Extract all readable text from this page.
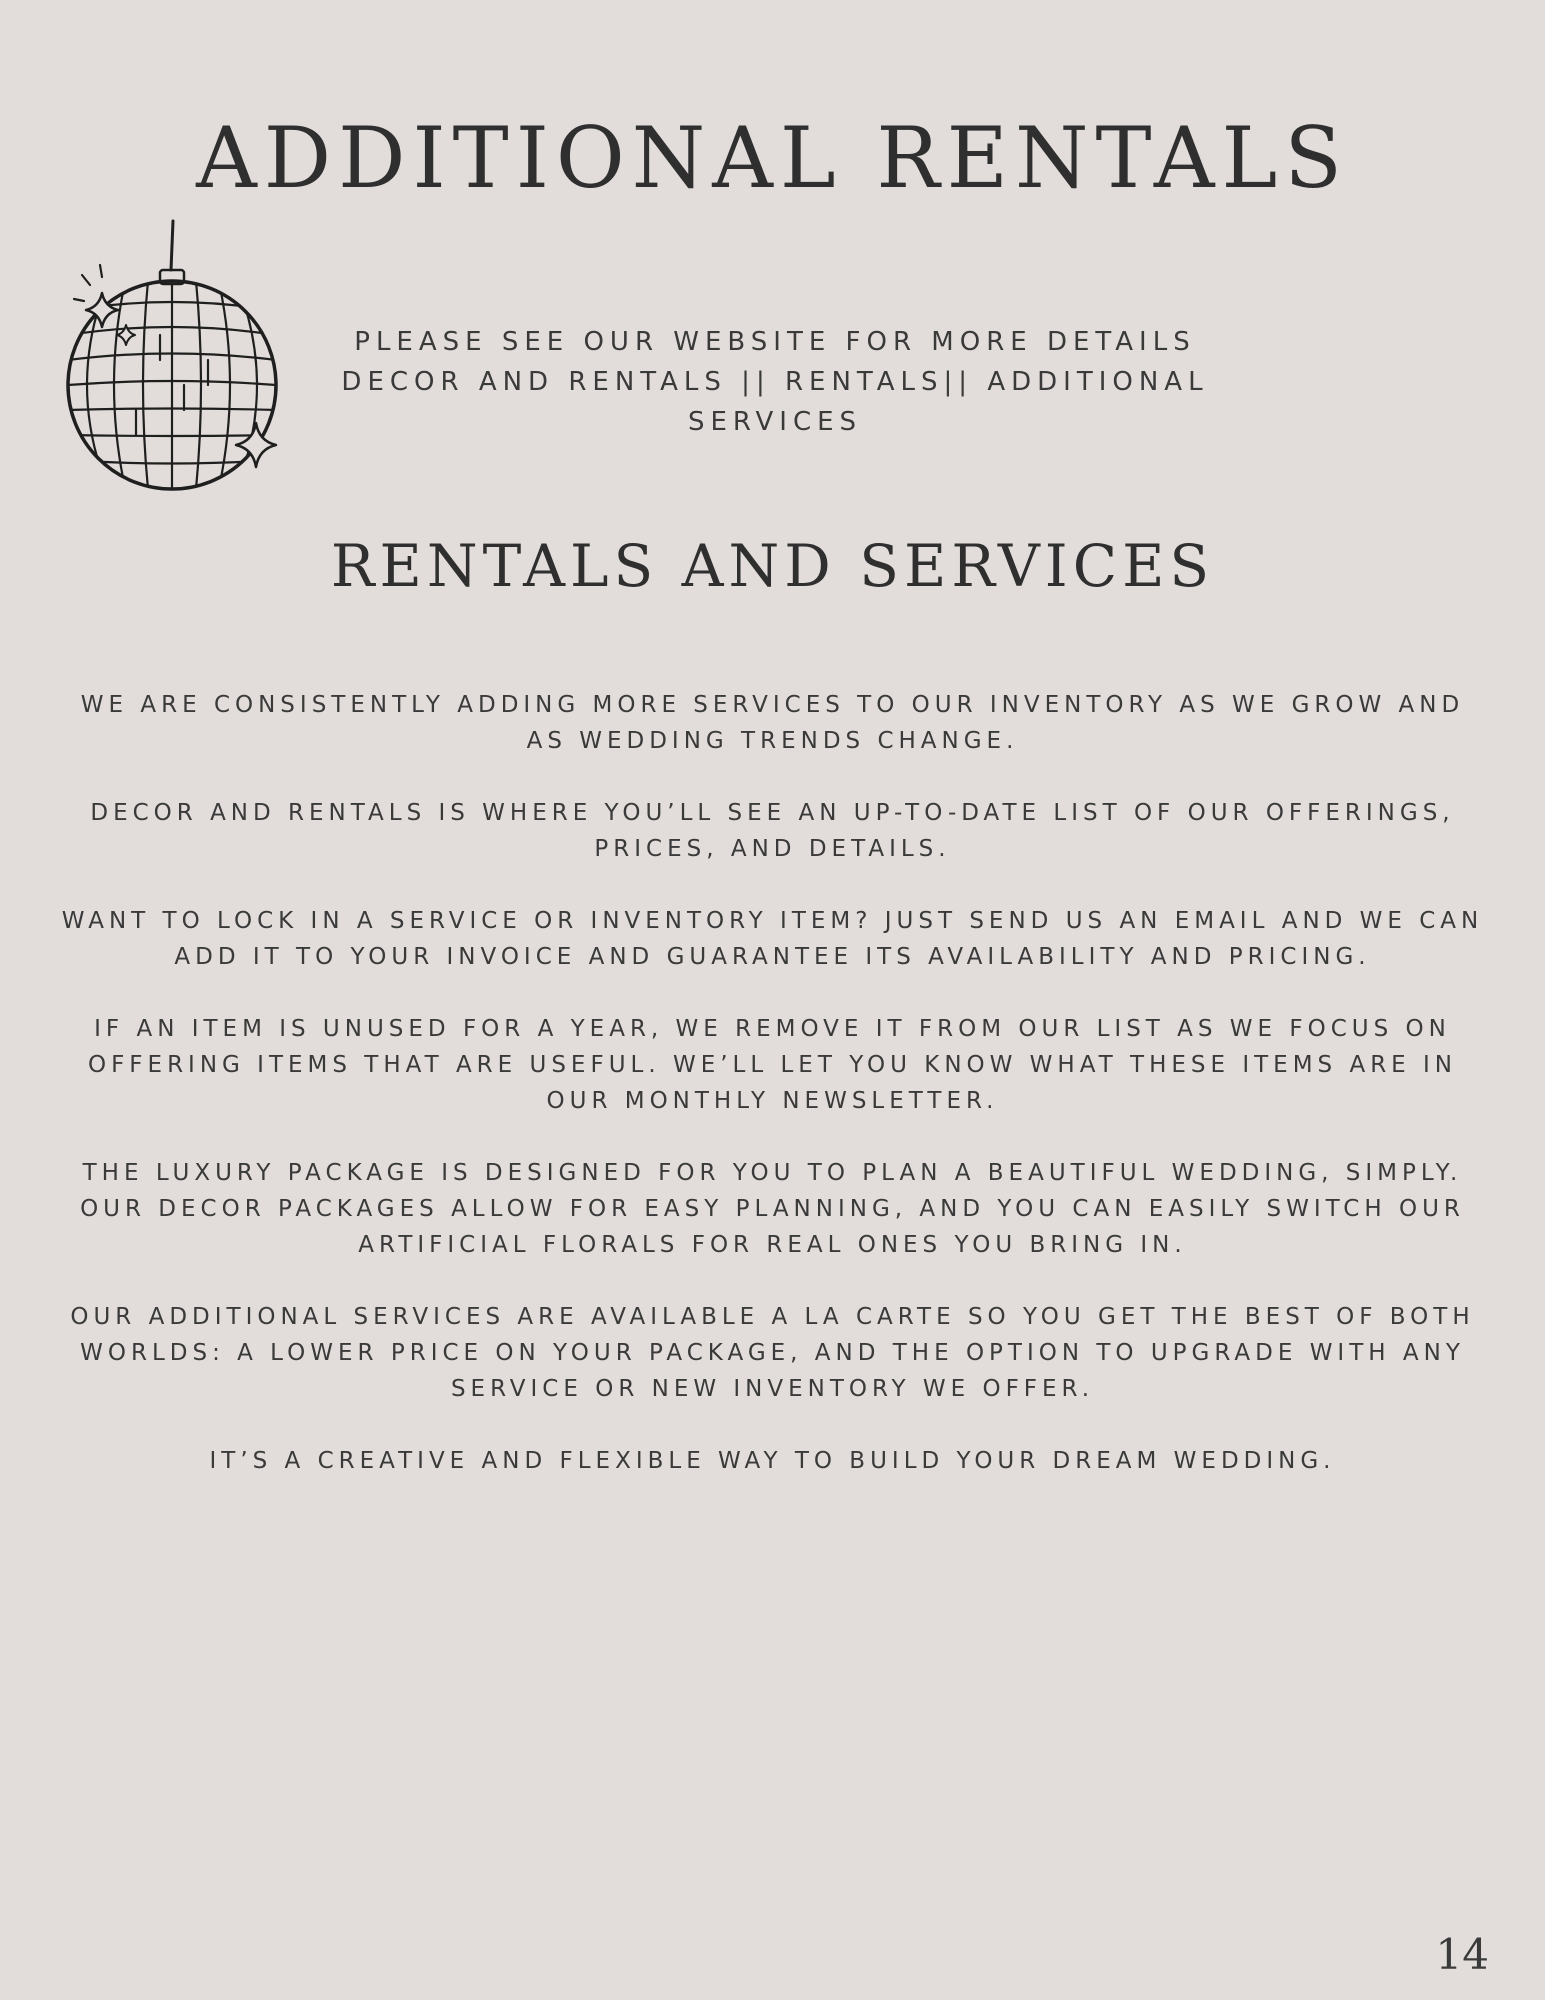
ADDITIONAL RENTALS
PLEASE SEE OUR WEBSITE FOR MORE DETAILS
DECOR AND RENTALS || RENTALS|| ADDITIONAL
SERVICES
RENTALS AND SERVICES

WE ARE CONSISTENTLY ADDING MORE SERVICES TO OUR INVENTORY AS WE GROW AND AS WEDDING TRENDS CHANGE.

DECOR AND RENTALS IS WHERE YOU’LL SEE AN UP-TO-DATE LIST OF OUR OFFERINGS, PRICES, AND DETAILS.

WANT TO LOCK IN A SERVICE OR INVENTORY ITEM? JUST SEND US AN EMAIL AND WE CAN ADD IT TO YOUR INVOICE AND GUARANTEE ITS AVAILABILITY AND PRICING.

IF AN ITEM IS UNUSED FOR A YEAR, WE REMOVE IT FROM OUR LIST AS WE FOCUS ON OFFERING ITEMS THAT ARE USEFUL. WE’LL LET YOU KNOW WHAT THESE ITEMS ARE IN OUR MONTHLY NEWSLETTER.

THE LUXURY PACKAGE IS DESIGNED FOR YOU TO PLAN A BEAUTIFUL WEDDING, SIMPLY. OUR DECOR PACKAGES ALLOW FOR EASY PLANNING, AND YOU CAN EASILY SWITCH OUR ARTIFICIAL FLORALS FOR REAL ONES YOU BRING IN.

OUR ADDITIONAL SERVICES ARE AVAILABLE A LA CARTE SO YOU GET THE BEST OF BOTH WORLDS: A LOWER PRICE ON YOUR PACKAGE, AND THE OPTION TO UPGRADE WITH ANY SERVICE OR NEW INVENTORY WE OFFER.

IT’S A CREATIVE AND FLEXIBLE WAY TO BUILD YOUR DREAM WEDDING.

14
